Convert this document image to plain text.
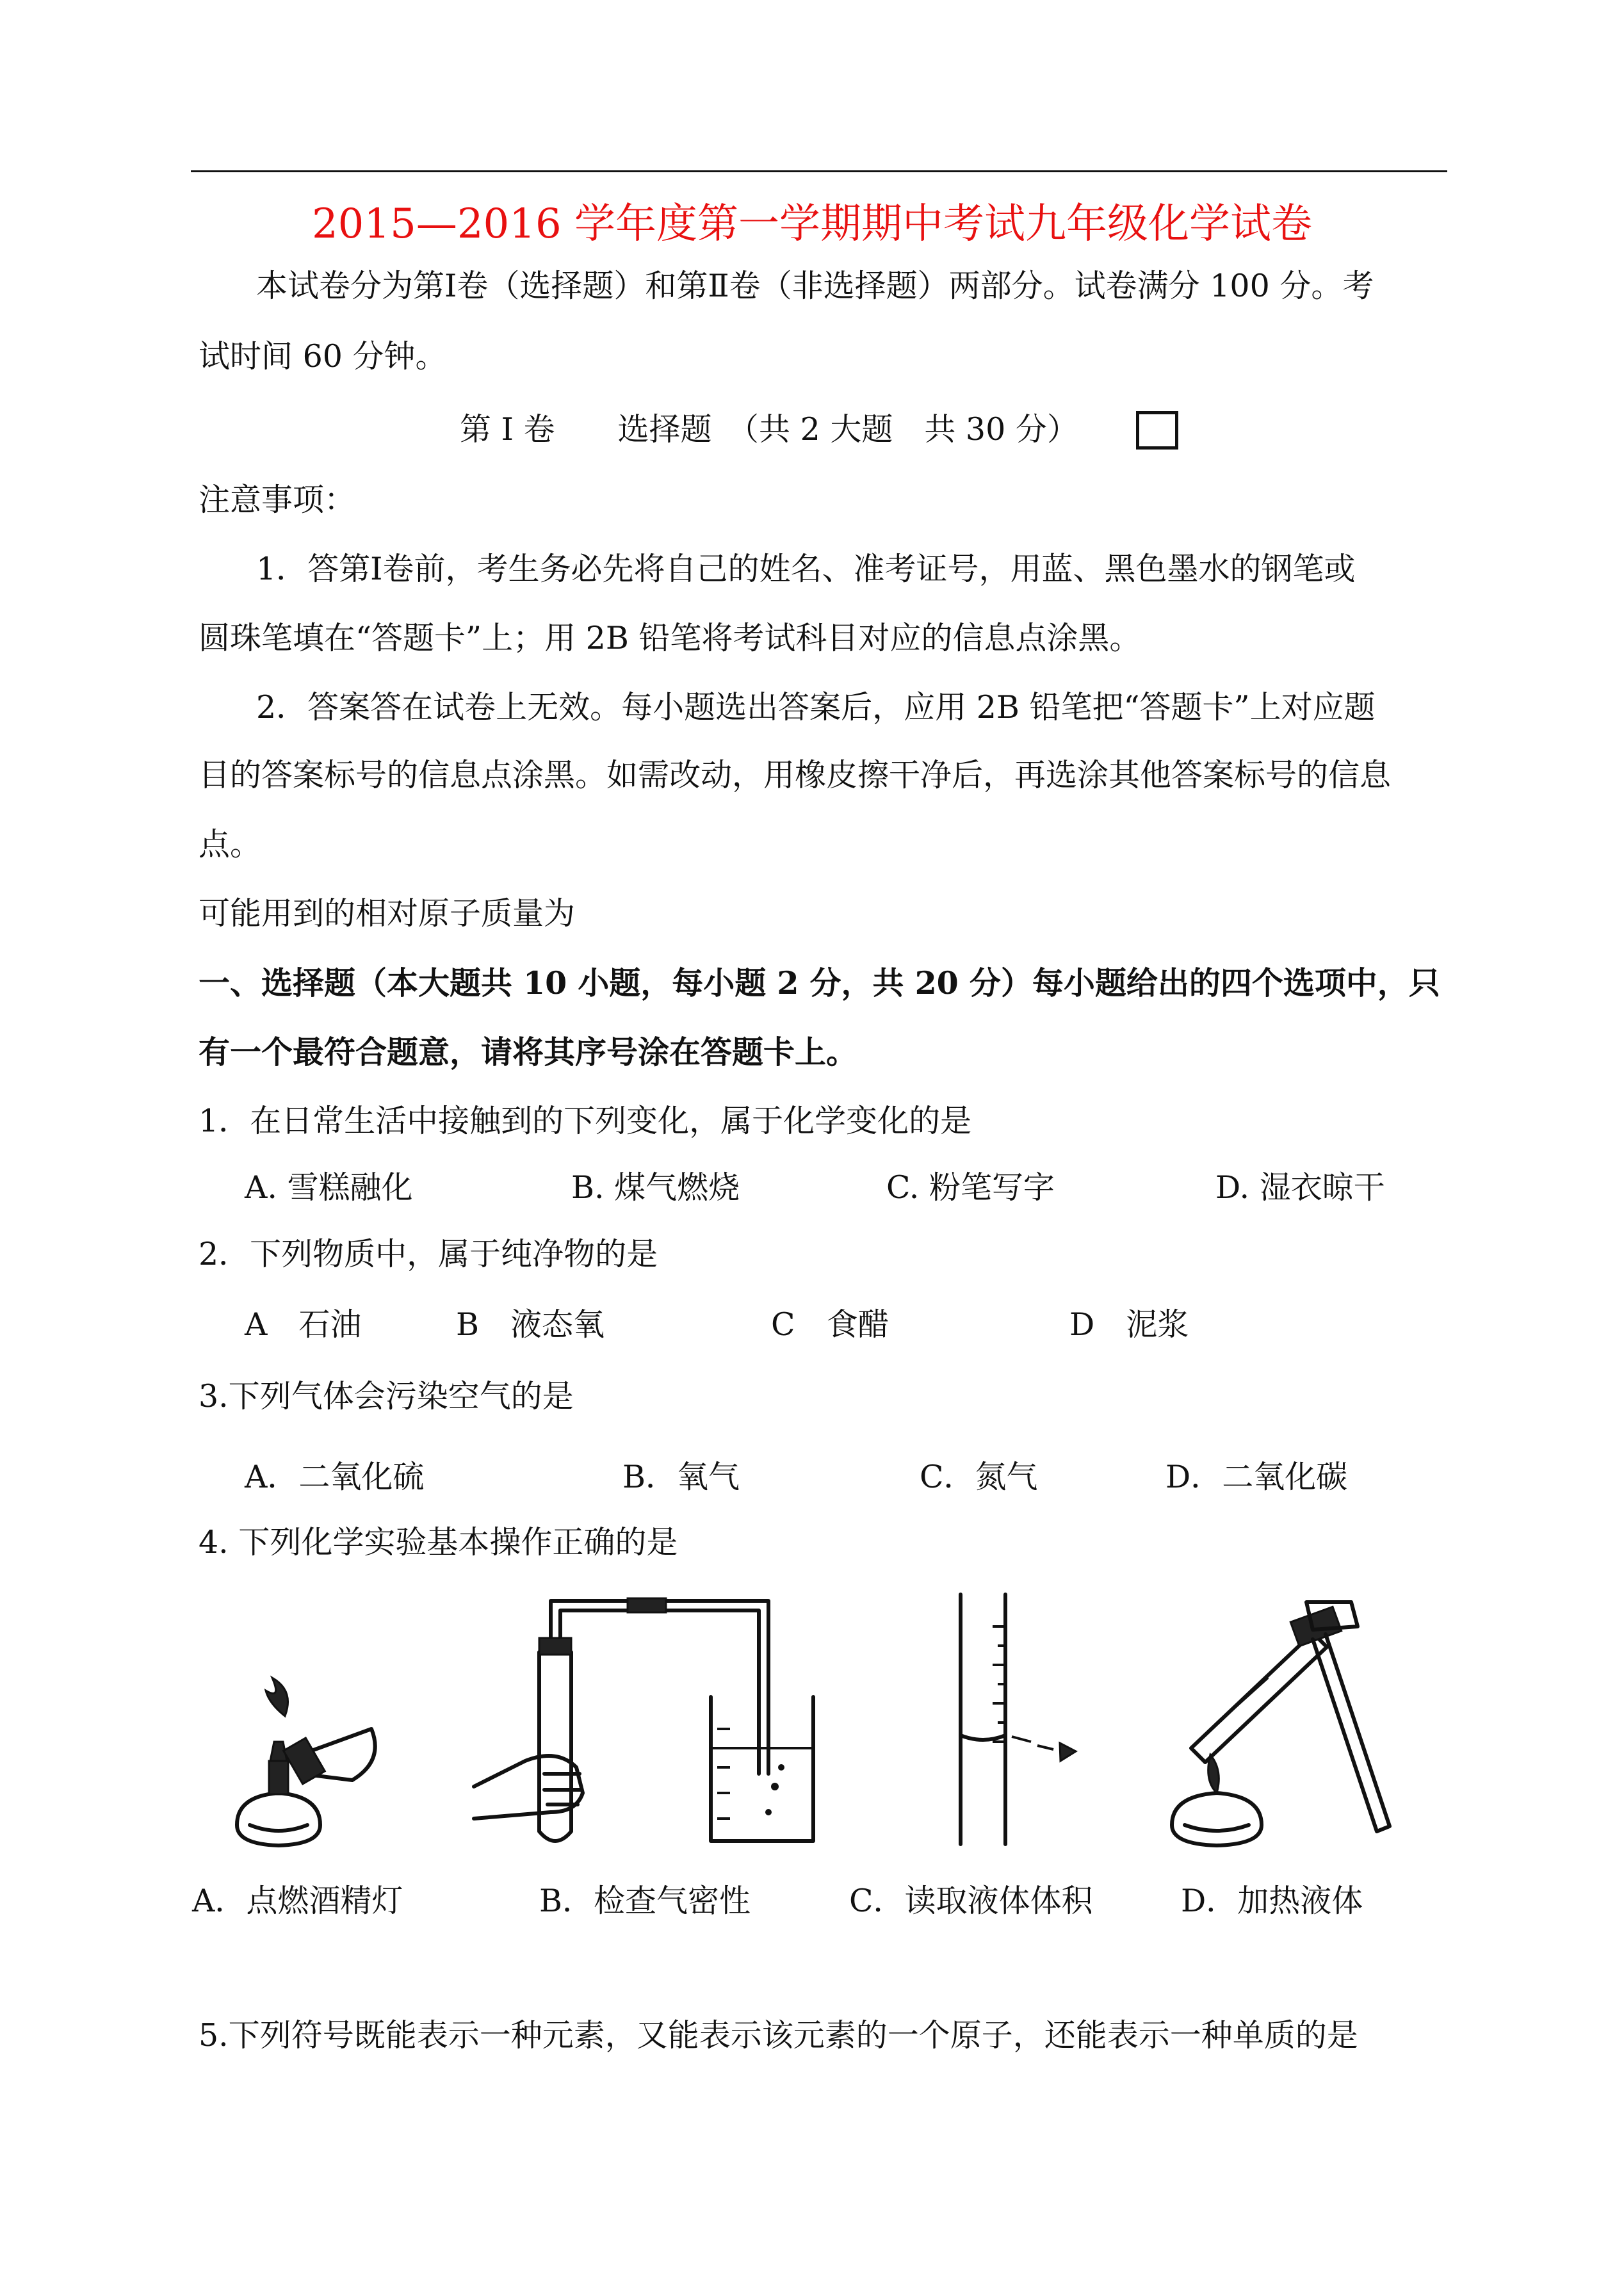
2015—2016 学年度第一学期期中考试九年级化学试卷
本试卷分为第Ⅰ卷（选择题）和第Ⅱ卷（非选择题）两部分。试卷满分 100 分。考
试时间 60 分钟。
第 Ⅰ 卷　　选择题　（共 2 大题　共 30 分）
注意事项：
1．答第Ⅰ卷前，考生务必先将自己的姓名、准考证号，用蓝、黑色墨水的钢笔或
圆珠笔填在“答题卡”上；用 2B 铅笔将考试科目对应的信息点涂黑。
2．答案答在试卷上无效。每小题选出答案后，应用 2B 铅笔把“答题卡”上对应题
目的答案标号的信息点涂黑。如需改动，用橡皮擦干净后，再选涂其他答案标号的信息
点。
可能用到的相对原子质量为
一、选择题（本大题共 10 小题，每小题 2 分，共 20 分）每小题给出的四个选项中，只
有一个最符合题意，请将其序号涂在答题卡上。
1．在日常生活中接触到的下列变化，属于化学变化的是
A. 雪糕融化	B. 煤气燃烧	C. 粉笔写字	D. 湿衣晾干
2．下列物质中，属于纯净物的是
A　石油	B　液态氧	C　食醋	D　泥浆
3.下列气体会污染空气的是
A．二氧化硫	B．氧气	C．氮气	D．二氧化碳
4. 下列化学实验基本操作正确的是
A．点燃酒精灯	B．检查气密性	C．读取液体体积	D．加热液体
5.下列符号既能表示一种元素，又能表示该元素的一个原子，还能表示一种单质的是
